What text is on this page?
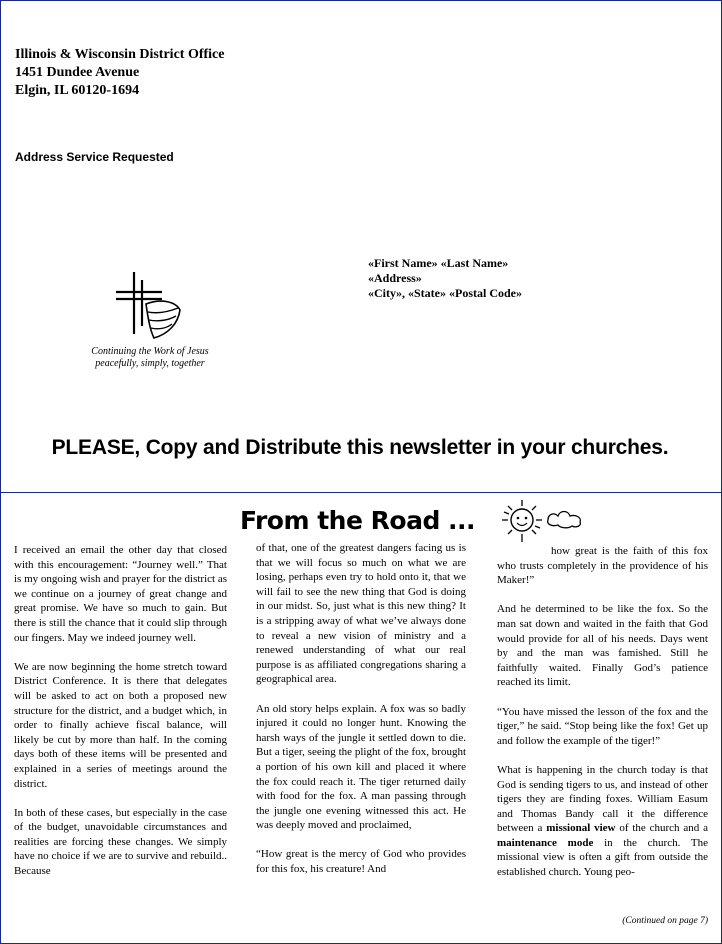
Illinois & Wisconsin District Office
1451 Dundee Avenue
Elgin, IL 60120-1694
Address Service Requested
«First Name» «Last Name»
«Address»
«City», «State» «Postal Code»
Continuing the Work of Jesus
peacefully, simply, together
PLEASE, Copy and Distribute this newsletter in your churches.
From the Road ...

I received an email the other day that closed with this encouragement: “Journey well.” That is my ongoing wish and prayer for the district as we continue on a journey of great change and great promise. We have so much to gain. But there is still the chance that it could slip through our fingers. May we indeed journey well.

We are now beginning the home stretch toward District Conference. It is there that delegates will be asked to act on both a proposed new structure for the district, and a budget which, in order to finally achieve fiscal balance, will likely be cut by more than half. In the coming days both of these items will be presented and explained in a series of meetings around the district.

In both of these cases, but especially in the case of the budget, unavoidable circumstances and realities are forcing these changes. We simply have no choice if we are to survive and rebuild.. Because

of that, one of the greatest dangers facing us is that we will focus so much on what we are losing, perhaps even try to hold onto it, that we will fail to see the new thing that God is doing in our midst. So, just what is this new thing? It is a stripping away of what we’ve always done to reveal a new vision of ministry and a renewed understanding of what our real purpose is as affiliated congregations sharing a geographical area.

An old story helps explain. A fox was so badly injured it could no longer hunt. Knowing the harsh ways of the jungle it settled down to die. But a tiger, seeing the plight of the fox, brought a portion of his own kill and placed it where the fox could reach it. The tiger returned daily with food for the fox. A man passing through the jungle one evening witnessed this act. He was deeply moved and proclaimed,

“How great is the mercy of God who provides for this fox, his creature! And

how great is the faith of this fox who trusts completely in the providence of his Maker!”

And he determined to be like the fox. So the man sat down and waited in the faith that God would provide for all of his needs. Days went by and the man was famished. Still he faithfully waited. Finally God’s patience reached its limit.

“You have missed the lesson of the fox and the tiger,” he said. “Stop being like the fox! Get up and follow the example of the tiger!”

What is happening in the church today is that God is sending tigers to us, and instead of other tigers they are finding foxes. William Easum and Thomas Bandy call it the difference between a missional view of the church and a maintenance mode in the church. The missional view is often a gift from outside the established church. Young peo-

(Continued on page 7)
